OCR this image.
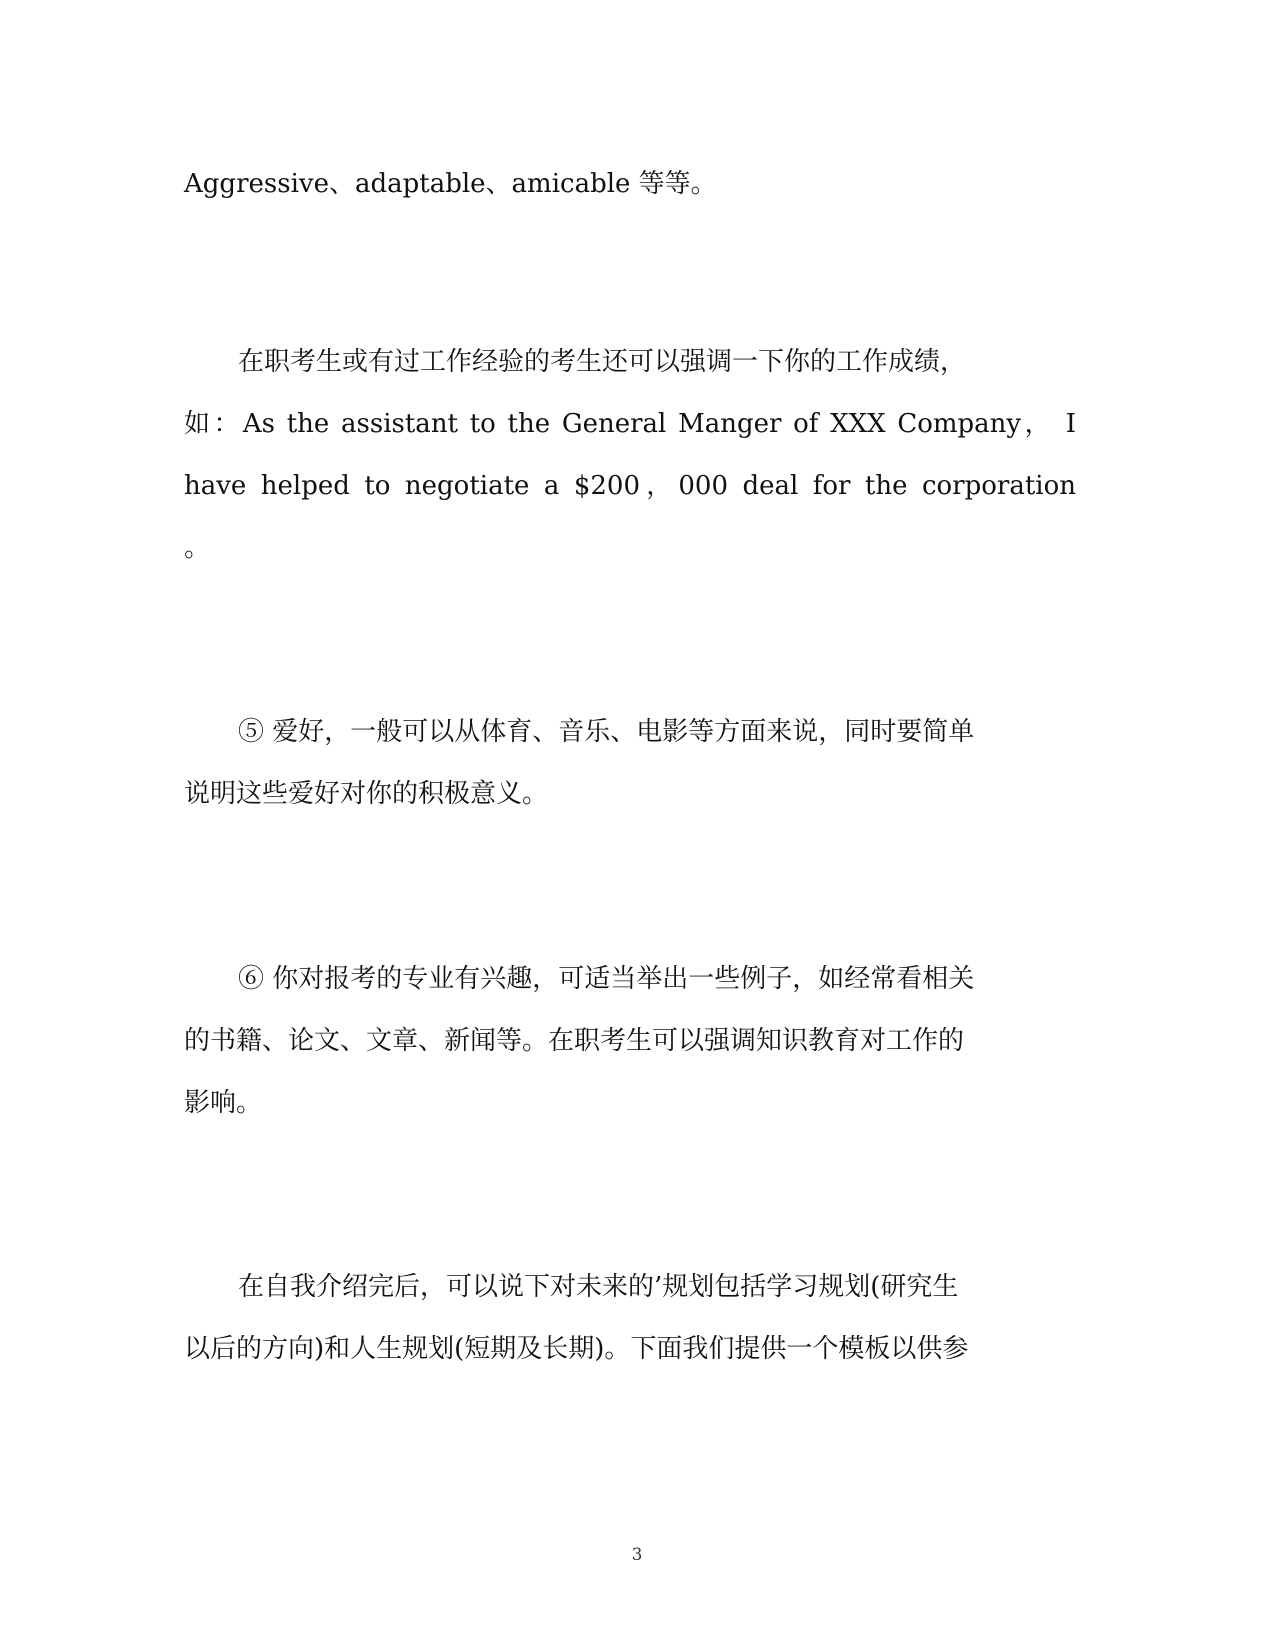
Aggressive、adaptable、amicable 等等。
在职考生或有过工作经验的考生还可以强调一下你的工作成绩，
如：As the assistant to the General Manger of XXX Company， I
have helped to negotiate a $200，000 deal for the corporation
。
⑤ 爱好，一般可以从体育、音乐、电影等方面来说，同时要简单
说明这些爱好对你的积极意义。
⑥ 你对报考的专业有兴趣，可适当举出一些例子，如经常看相关
的书籍、论文、文章、新闻等。在职考生可以强调知识教育对工作的
影响。
在自我介绍完后，可以说下对未来的’规划包括学习规划(研究生
以后的方向)和人生规划(短期及长期)。下面我们提供一个模板以供参
3
